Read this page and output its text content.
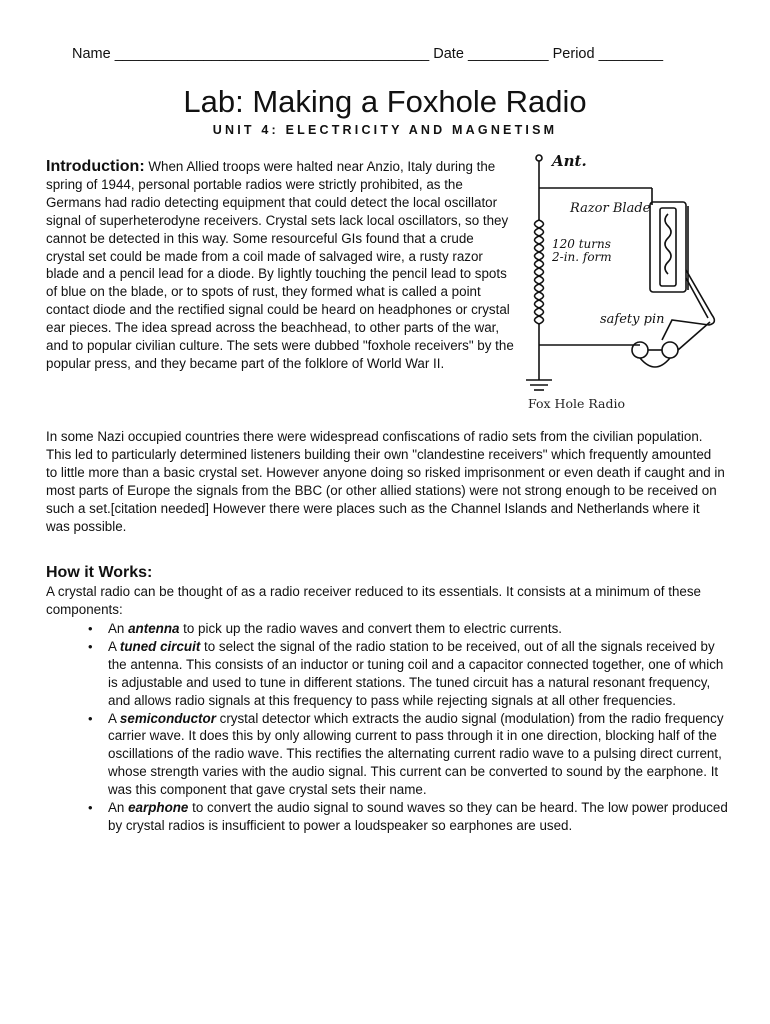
Name _______________________________________ Date __________ Period ________
Lab: Making a Foxhole Radio
UNIT 4: ELECTRICITY AND MAGNETISM
Introduction: When Allied troops were halted near Anzio, Italy during the spring of 1944, personal portable radios were strictly prohibited, as the Germans had radio detecting equipment that could detect the local oscillator signal of superheterodyne receivers. Crystal sets lack local oscillators, so they cannot be detected in this way. Some resourceful GIs found that a crude crystal set could be made from a coil made of salvaged wire, a rusty razor blade and a pencil lead for a diode. By lightly touching the pencil lead to spots of blue on the blade, or to spots of rust, they formed what is called a point contact diode and the rectified signal could be heard on headphones or crystal ear pieces. The idea spread across the beachhead, to other parts of the war, and to popular civilian culture. The sets were dubbed "foxhole receivers" by the popular press, and they became part of the folklore of World War II.
Ant.
Razor Blade
120 turns
2-in. form
safety pin
Fox Hole Radio
In some Nazi occupied countries there were widespread confiscations of radio sets from the civilian population. This led to particularly determined listeners building their own "clandestine receivers" which frequently amounted to little more than a basic crystal set. However anyone doing so risked imprisonment or even death if caught and in most parts of Europe the signals from the BBC (or other allied stations) were not strong enough to be received on such a set.[citation needed] However there were places such as the Channel Islands and Netherlands where it was possible.
How it Works:
A crystal radio can be thought of as a radio receiver reduced to its essentials. It consists at a minimum of these components:
• An antenna to pick up the radio waves and convert them to electric currents.
• A tuned circuit to select the signal of the radio station to be received, out of all the signals received by the antenna. This consists of an inductor or tuning coil and a capacitor connected together, one of which is adjustable and used to tune in different stations. The tuned circuit has a natural resonant frequency, and allows radio signals at this frequency to pass while rejecting signals at all other frequencies.
• A semiconductor crystal detector which extracts the audio signal (modulation) from the radio frequency carrier wave. It does this by only allowing current to pass through it in one direction, blocking half of the oscillations of the radio wave. This rectifies the alternating current radio wave to a pulsing direct current, whose strength varies with the audio signal. This current can be converted to sound by the earphone. It was this component that gave crystal sets their name.
• An earphone to convert the audio signal to sound waves so they can be heard. The low power produced by crystal radios is insufficient to power a loudspeaker so earphones are used.
